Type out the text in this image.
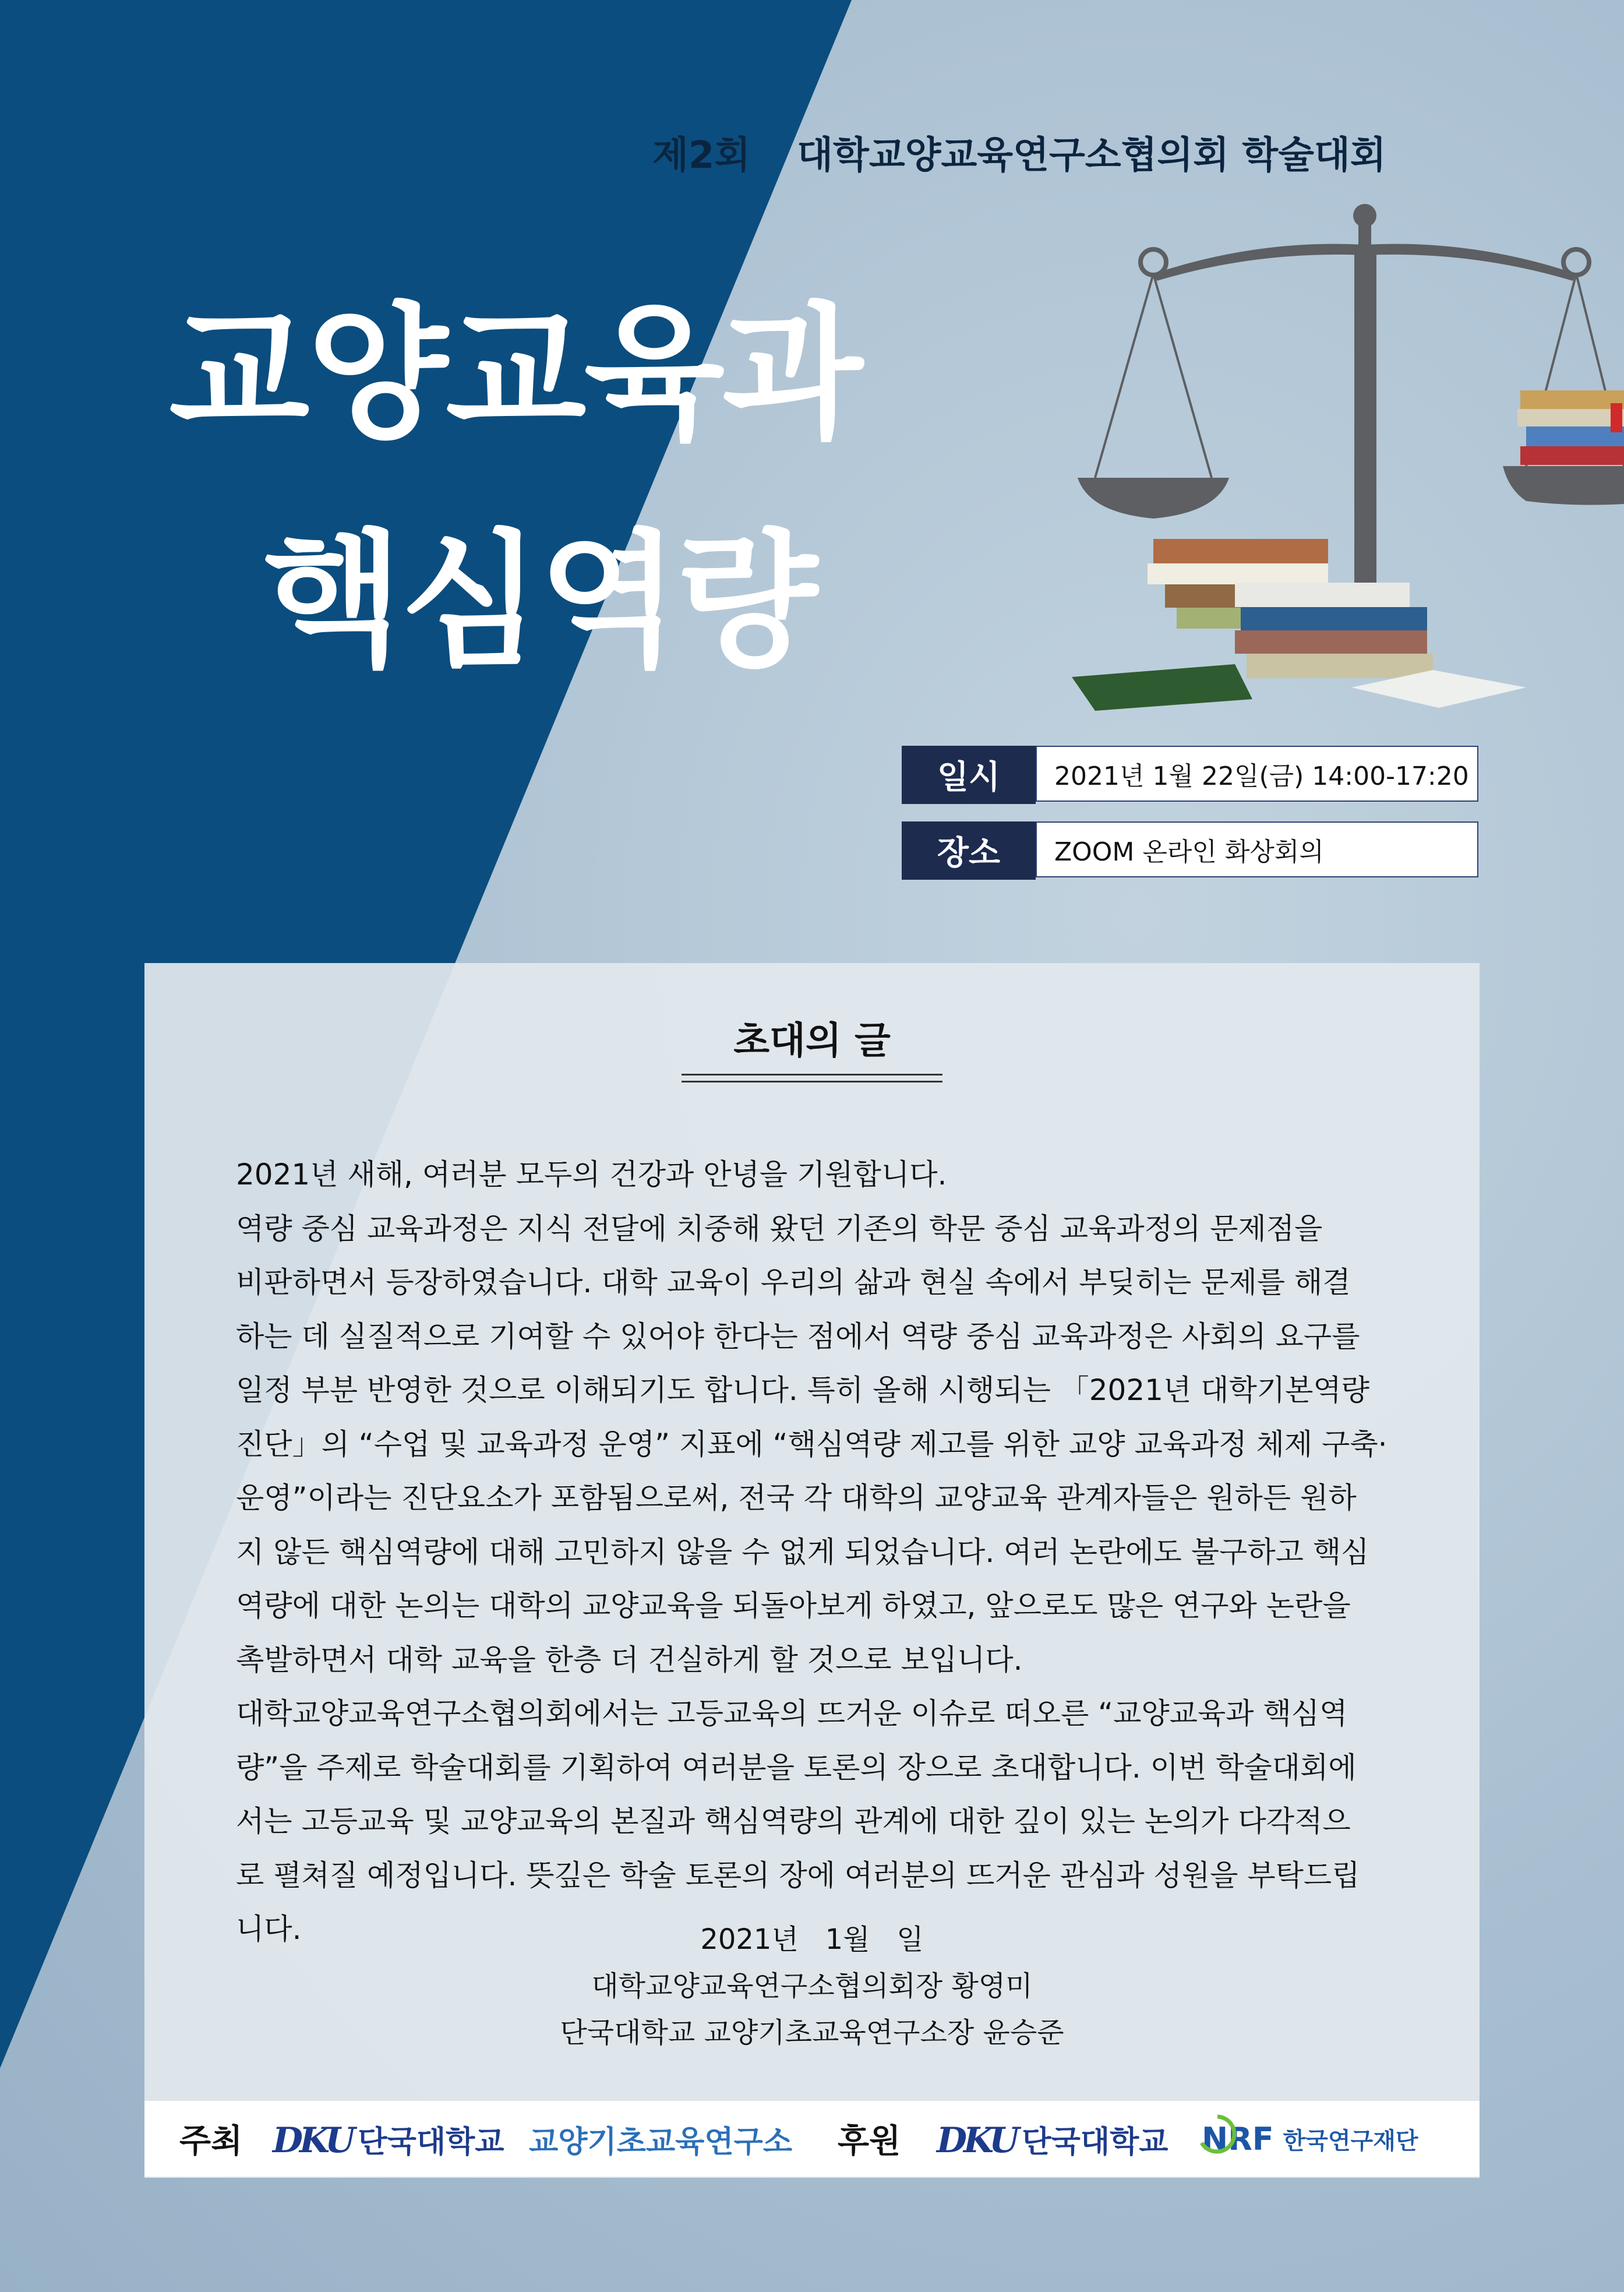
제2회 대학교양교육연구소협의회 학술대회
교양교육과
핵심역량
일시	2021년 1월 22일(금) 14:00-17:20
장소	ZOOM 온라인 화상회의
초대의 글

2021년 새해, 여러분 모두의 건강과 안녕을 기원합니다.

역량 중심 교육과정은 지식 전달에 치중해 왔던 기존의 학문 중심 교육과정의 문제점을

비판하면서 등장하였습니다. 대학 교육이 우리의 삶과 현실 속에서 부딪히는 문제를 해결

하는 데 실질적으로 기여할 수 있어야 한다는 점에서 역량 중심 교육과정은 사회의 요구를

일정 부분 반영한 것으로 이해되기도 합니다. 특히 올해 시행되는 「2021년 대학기본역량

진단」의 “수업 및 교육과정 운영” 지표에 “핵심역량 제고를 위한 교양 교육과정 체제 구축·

운영”이라는 진단요소가 포함됨으로써, 전국 각 대학의 교양교육 관계자들은 원하든 원하

지 않든 핵심역량에 대해 고민하지 않을 수 없게 되었습니다. 여러 논란에도 불구하고 핵심

역량에 대한 논의는 대학의 교양교육을 되돌아보게 하였고, 앞으로도 많은 연구와 논란을

촉발하면서 대학 교육을 한층 더 건실하게 할 것으로 보입니다.

대학교양교육연구소협의회에서는 고등교육의 뜨거운 이슈로 떠오른 “교양교육과 핵심역

량”을 주제로 학술대회를 기획하여 여러분을 토론의 장으로 초대합니다. 이번 학술대회에

서는 고등교육 및 교양교육의 본질과 핵심역량의 관계에 대한 깊이 있는 논의가 다각적으

로 펼쳐질 예정입니다. 뜻깊은 학술 토론의 장에 여러분의 뜨거운 관심과 성원을 부탁드립

니다.	2021년   1월   일
대학교양교육연구소협의회장 황영미
단국대학교 교양기초교육연구소장 윤승준
주최 DKU 단국대학교 교양기초교육연구소 후원 DKU 단국대학교 NRF 한국연구재단
